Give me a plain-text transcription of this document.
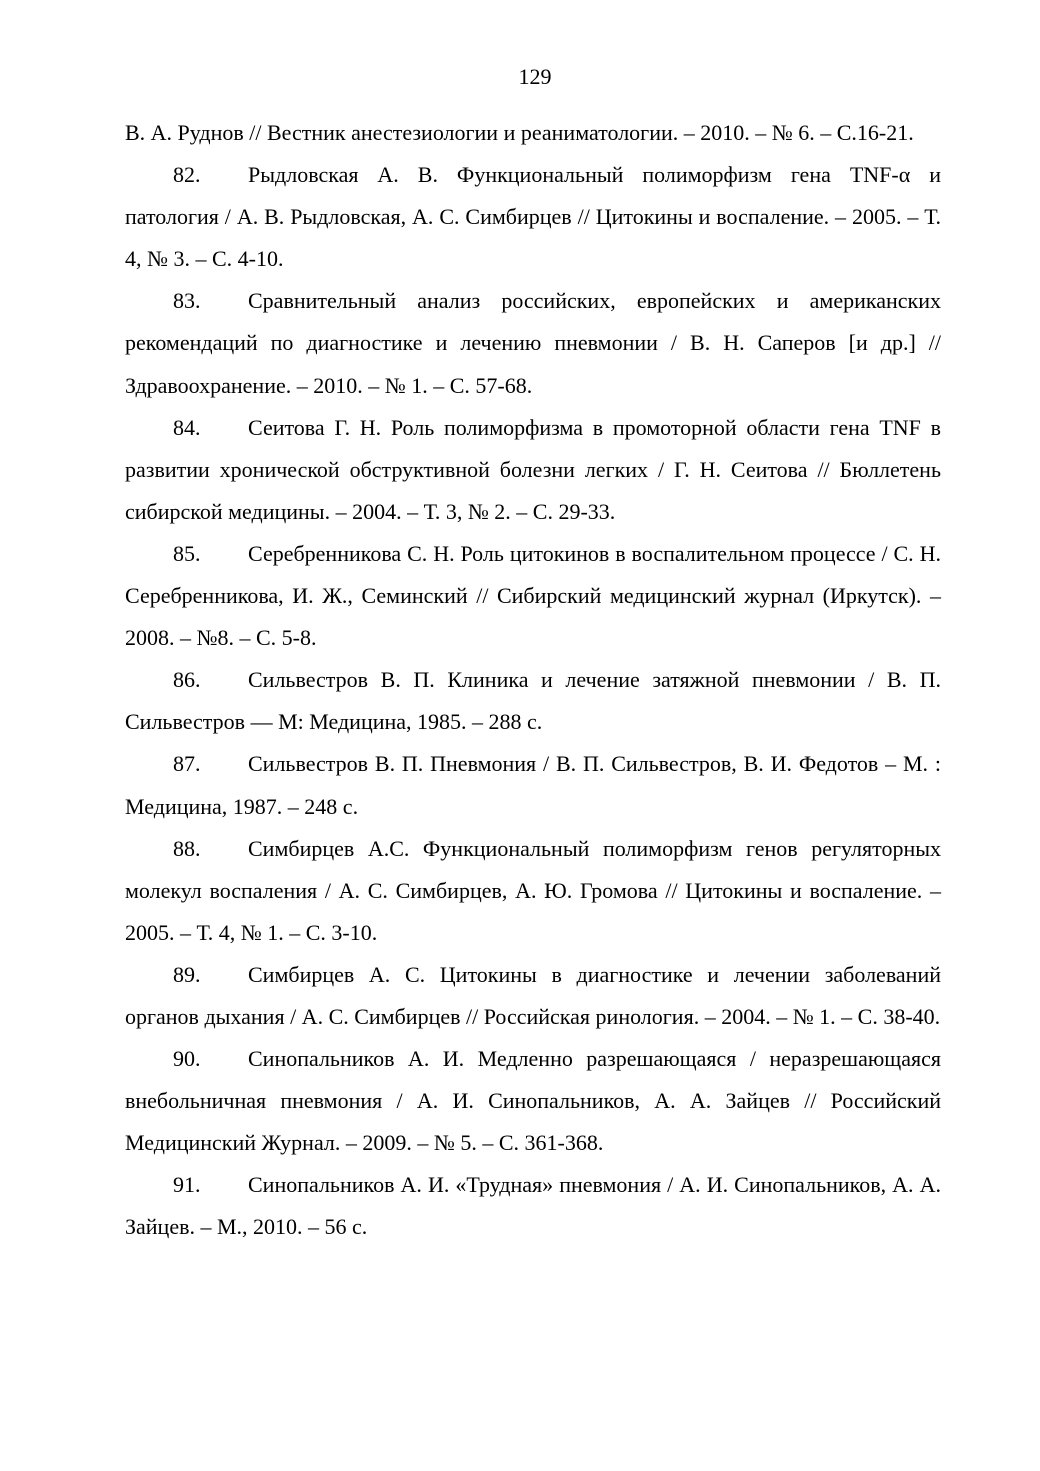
129

В. А. Руднов // Вестник анестезиологии и реаниматологии. – 2010. – № 6. – С.16-21.

82. Рыдловская А. В. Функциональный полиморфизм гена TNF-α и патология / А. В. Рыдловская, А. С. Симбирцев // Цитокины и воспаление. – 2005. – Т. 4, № 3. – С. 4-10.

83. Сравнительный анализ российских, европейских и американских рекомендаций по диагностике и лечению пневмонии / В. Н. Саперов [и др.] // Здравоохранение. – 2010. – № 1. – С. 57-68.

84. Сеитова Г. Н. Роль полиморфизма в промоторной области гена TNF в развитии хронической обструктивной болезни легких / Г. Н. Сеитова // Бюллетень сибирской медицины. – 2004. – Т. 3, № 2. – С. 29-33.

85. Серебренникова С. Н. Роль цитокинов в воспалительном процессе / С. Н. Серебренникова, И. Ж., Семинский // Сибирский медицинский журнал (Иркутск). – 2008. – №8. – С. 5-8.

86. Сильвестров В. П. Клиника и лечение затяжной пневмонии / В. П. Сильвестров — М: Медицина, 1985. – 288 с.

87. Сильвестров В. П. Пневмония / В. П. Сильвестров, В. И. Федотов – М. : Медицина, 1987. – 248 с.

88. Симбирцев А.С. Функциональный полиморфизм генов регуляторных молекул воспаления / А. С. Симбирцев, А. Ю. Громова // Цитокины и воспаление. – 2005. – Т. 4, № 1. – С. 3-10.

89. Симбирцев А. С. Цитокины в диагностике и лечении заболеваний органов дыхания / А. С. Симбирцев // Российская ринология. – 2004. – № 1. – С. 38-40.

90. Синопальников А. И. Медленно разрешающаяся / неразрешающаяся внебольничная пневмония / А. И. Синопальников, А. А. Зайцев // Российский Медицинский Журнал. – 2009. – № 5. – С. 361-368.

91. Синопальников А. И. «Трудная» пневмония / А. И. Синопальников, А. А. Зайцев. – М., 2010. – 56 с.
